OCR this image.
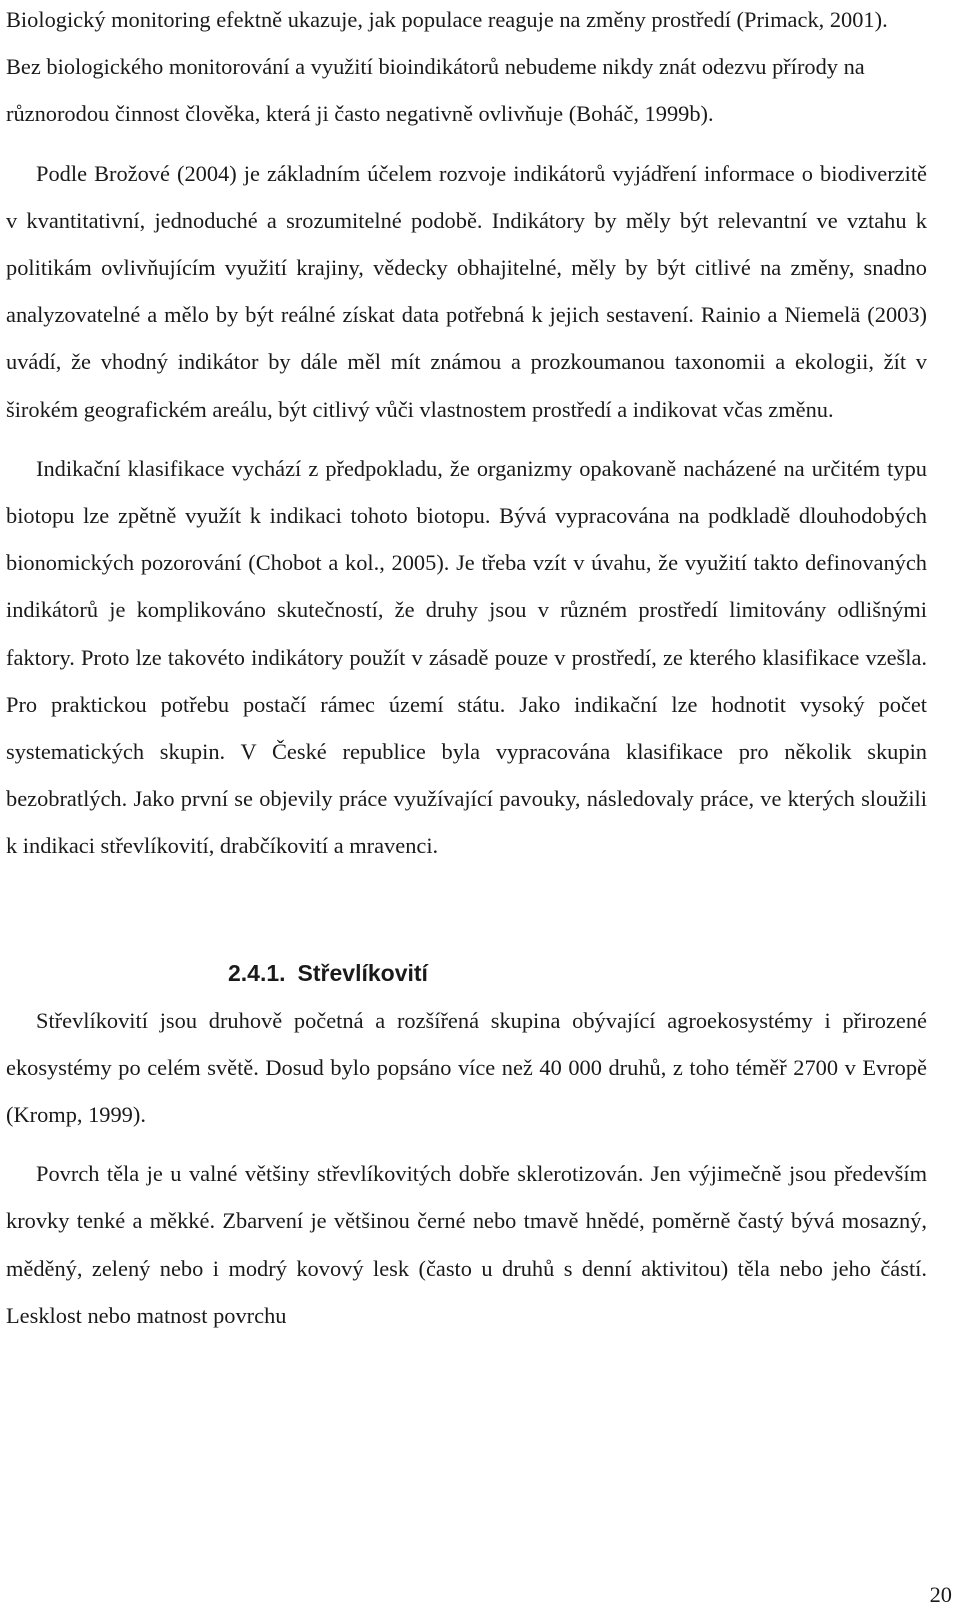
Biologický monitoring efektně ukazuje, jak populace reaguje na změny prostředí (Primack, 2001). Bez biologického monitorování a využití bioindikátorů nebudeme nikdy znát odezvu přírody na různorodou činnost člověka, která ji často negativně ovlivňuje (Boháč, 1999b).

Podle Brožové (2004) je základním účelem rozvoje indikátorů vyjádření informace o biodiverzitě v kvantitativní, jednoduché a srozumitelné podobě. Indikátory by měly být relevantní ve vztahu k politikám ovlivňujícím využití krajiny, vědecky obhajitelné, měly by být citlivé na změny, snadno analyzovatelné a mělo by být reálné získat data potřebná k jejich sestavení. Rainio a Niemelä (2003) uvádí, že vhodný indikátor by dále měl mít známou a prozkoumanou taxonomii a ekologii, žít v širokém geografickém areálu, být citlivý vůči vlastnostem prostředí a indikovat včas změnu.

Indikační klasifikace vychází z předpokladu, že organizmy opakovaně nacházené na určitém typu biotopu lze zpětně využít k indikaci tohoto biotopu. Bývá vypracována na podkladě dlouhodobých bionomických pozorování (Chobot a kol., 2005). Je třeba vzít v úvahu, že využití takto definovaných indikátorů je komplikováno skutečností, že druhy jsou v různém prostředí limitovány odlišnými faktory. Proto lze takovéto indikátory použít v zásadě pouze v prostředí, ze kterého klasifikace vzešla. Pro praktickou potřebu postačí rámec území státu. Jako indikační lze hodnotit vysoký počet systematických skupin. V České republice byla vypracována klasifikace pro několik skupin bezobratlých. Jako první se objevily práce využívající pavouky, následovaly práce, ve kterých sloužili k indikaci střevlíkovití, drabčíkovití a mravenci.

2.4.1. Střevlíkovití

Střevlíkovití jsou druhově početná a rozšířená skupina obývající agroekosystémy i přirozené ekosystémy po celém světě. Dosud bylo popsáno více než 40 000 druhů, z toho téměř 2700 v Evropě (Kromp, 1999).

Povrch těla je u valné většiny střevlíkovitých dobře sklerotizován. Jen výjimečně jsou především krovky tenké a měkké. Zbarvení je většinou černé nebo tmavě hnědé, poměrně častý bývá mosazný, měděný, zelený nebo i modrý kovový lesk (často u druhů s denní aktivitou) těla nebo jeho částí. Lesklost nebo matnost povrchu

20
